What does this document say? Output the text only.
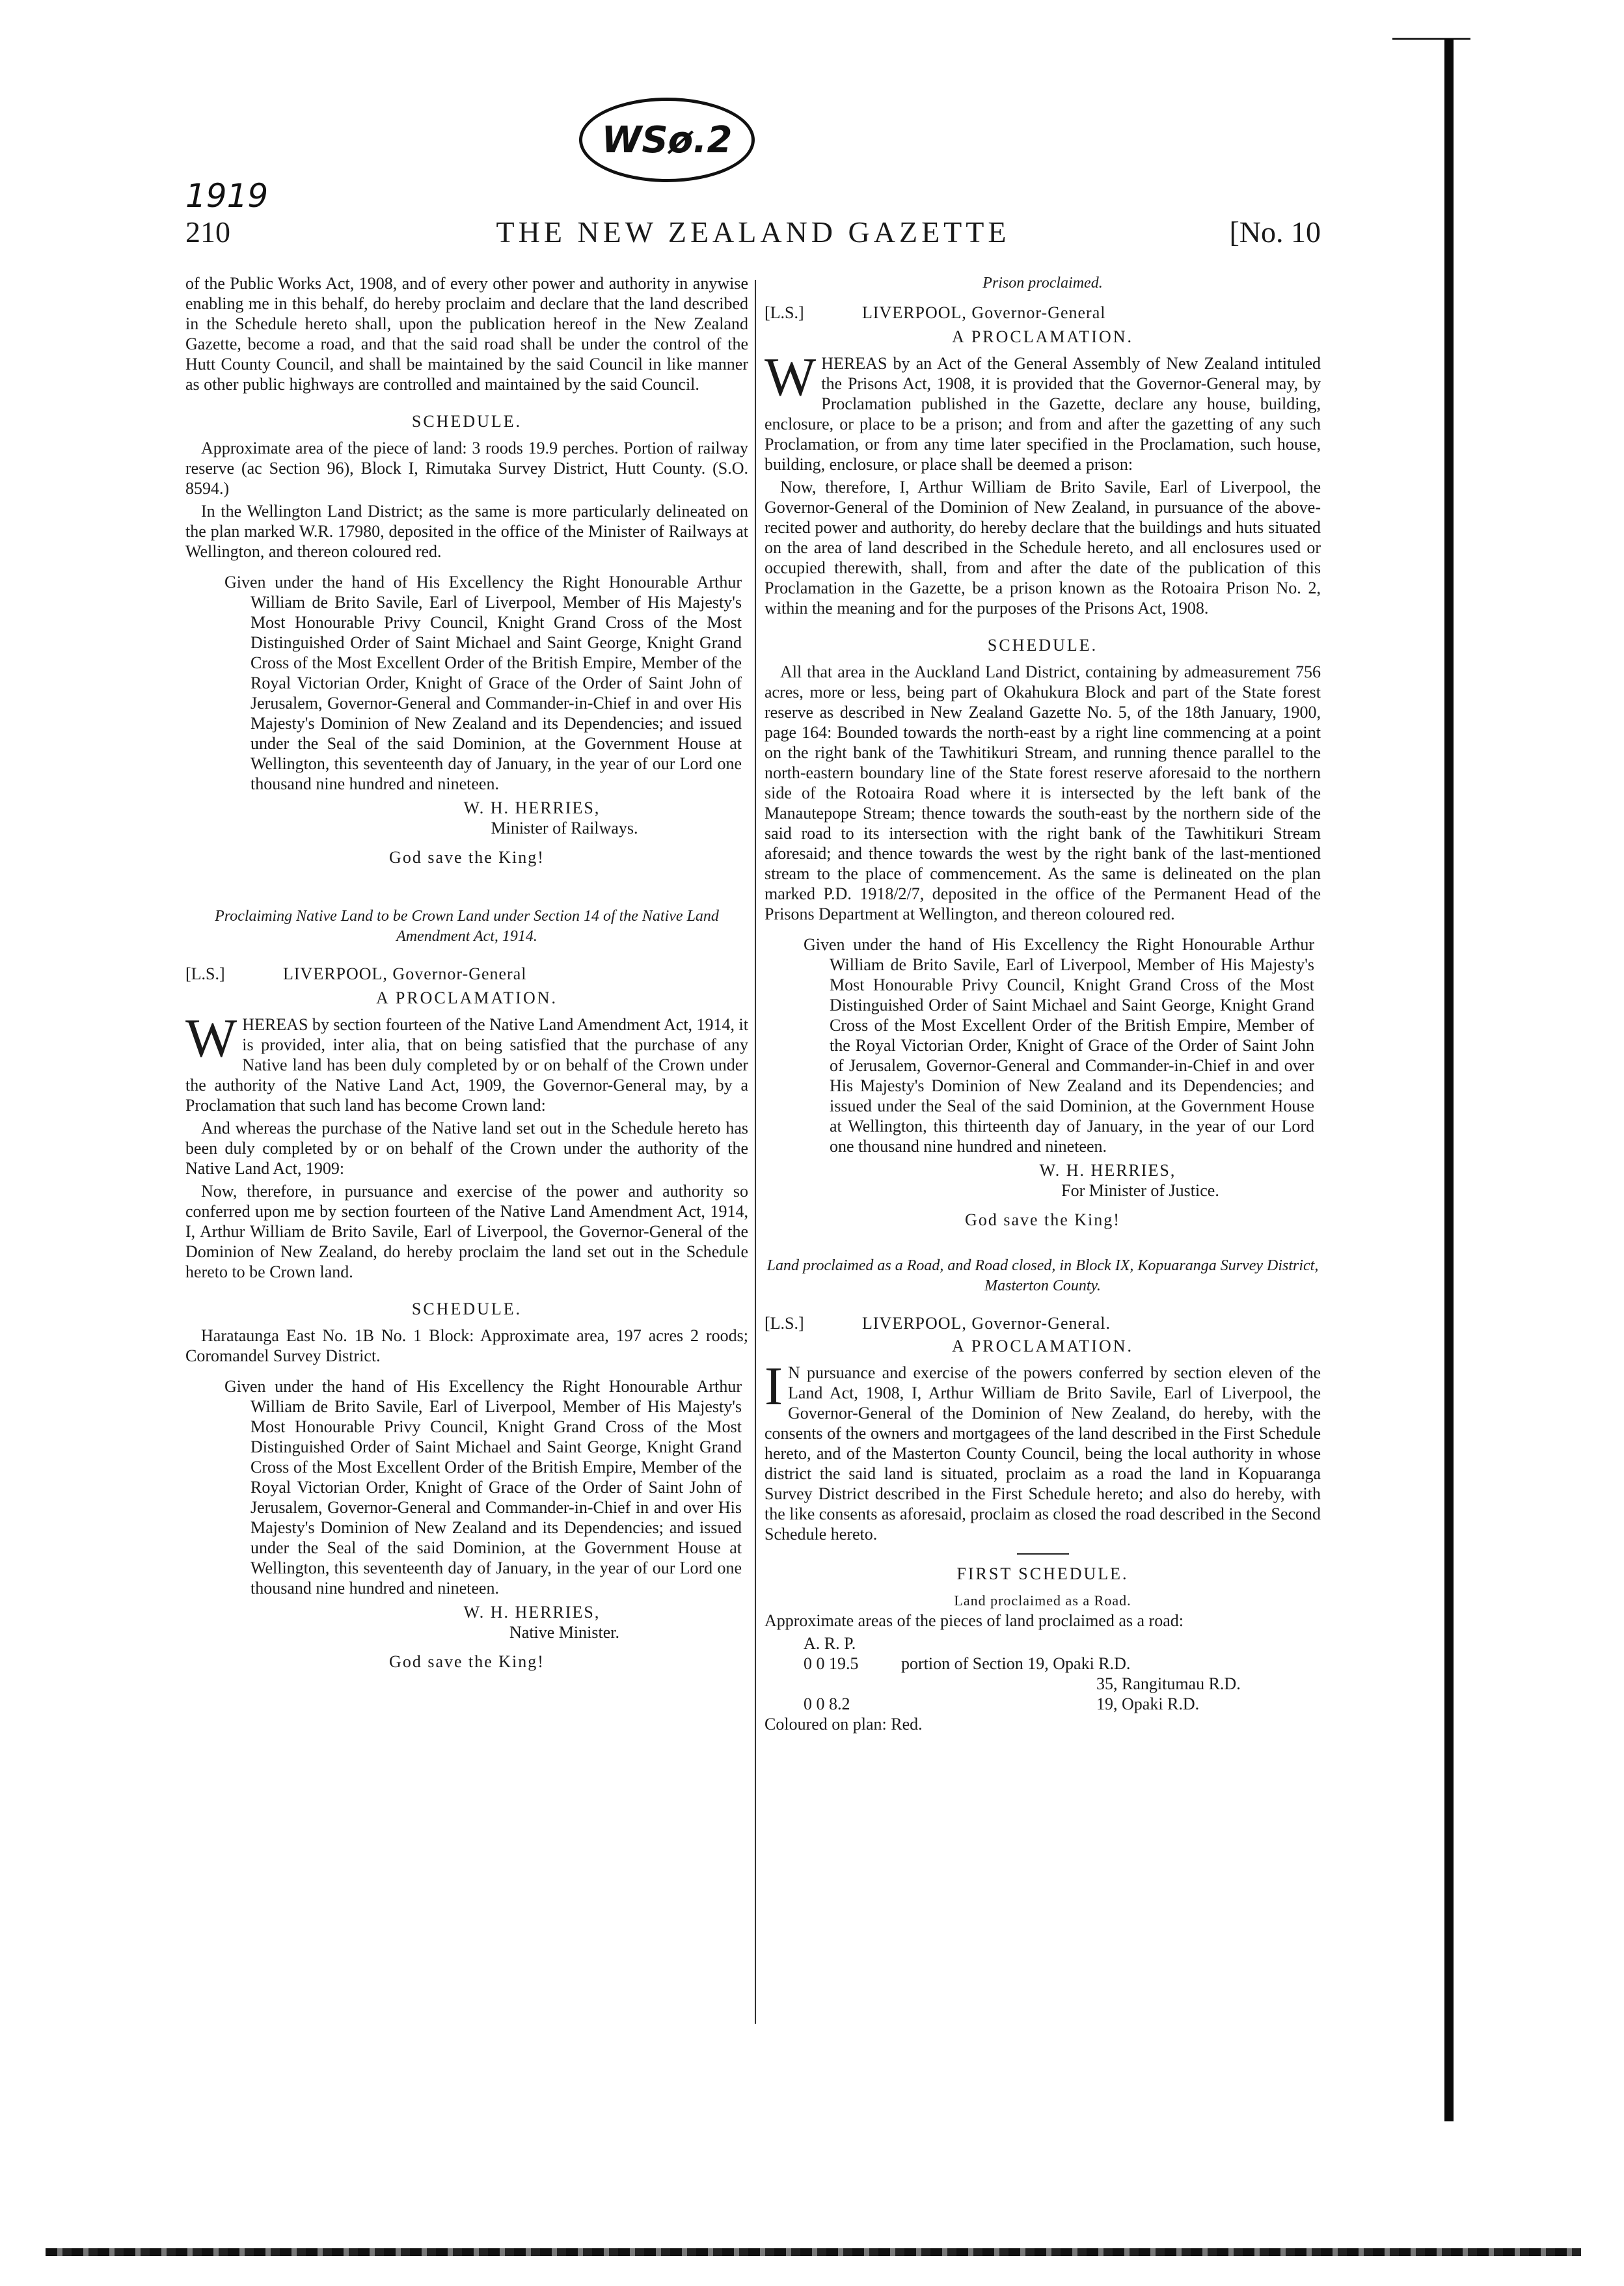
WSø.2
1919
210	THE NEW ZEALAND GAZETTE	[No. 10

of the Public Works Act, 1908, and of every other power and authority in anywise enabling me in this behalf, do hereby proclaim and declare that the land described in the Schedule hereto shall, upon the publication hereof in the New Zealand Gazette, become a road, and that the said road shall be under the control of the Hutt County Council, and shall be maintained by the said Council in like manner as other public highways are controlled and maintained by the said Council.

SCHEDULE.

Approximate area of the piece of land: 3 roods 19.9 perches. Portion of railway reserve (ac Section 96), Block I, Rimutaka Survey District, Hutt County. (S.O. 8594.)

In the Wellington Land District; as the same is more particularly delineated on the plan marked W.R. 17980, deposited in the office of the Minister of Railways at Wellington, and thereon coloured red.

Given under the hand of His Excellency the Right Honourable Arthur William de Brito Savile, Earl of Liverpool, Member of His Majesty's Most Honourable Privy Council, Knight Grand Cross of the Most Distinguished Order of Saint Michael and Saint George, Knight Grand Cross of the Most Excellent Order of the British Empire, Member of the Royal Victorian Order, Knight of Grace of the Order of Saint John of Jerusalem, Governor-General and Commander-in-Chief in and over His Majesty's Dominion of New Zealand and its Dependencies; and issued under the Seal of the said Dominion, at the Government House at Wellington, this seventeenth day of January, in the year of our Lord one thousand nine hundred and nineteen.

W. H. HERRIES,
Minister of Railways.
God save the King!
Proclaiming Native Land to be Crown Land under Section 14 of the Native Land Amendment Act, 1914.
[L.S.]	LIVERPOOL, Governor-General
A PROCLAMATION.

WHEREAS by section fourteen of the Native Land Amendment Act, 1914, it is provided, inter alia, that on being satisfied that the purchase of any Native land has been duly completed by or on behalf of the Crown under the authority of the Native Land Act, 1909, the Governor-General may, by a Proclamation that such land has become Crown land:

And whereas the purchase of the Native land set out in the Schedule hereto has been duly completed by or on behalf of the Crown under the authority of the Native Land Act, 1909:

Now, therefore, in pursuance and exercise of the power and authority so conferred upon me by section fourteen of the Native Land Amendment Act, 1914, I, Arthur William de Brito Savile, Earl of Liverpool, the Governor-General of the Dominion of New Zealand, do hereby proclaim the land set out in the Schedule hereto to be Crown land.

SCHEDULE.

Harataunga East No. 1B No. 1 Block: Approximate area, 197 acres 2 roods; Coromandel Survey District.

Given under the hand of His Excellency the Right Honourable Arthur William de Brito Savile, Earl of Liverpool, Member of His Majesty's Most Honourable Privy Council, Knight Grand Cross of the Most Distinguished Order of Saint Michael and Saint George, Knight Grand Cross of the Most Excellent Order of the British Empire, Member of the Royal Victorian Order, Knight of Grace of the Order of Saint John of Jerusalem, Governor-General and Commander-in-Chief in and over His Majesty's Dominion of New Zealand and its Dependencies; and issued under the Seal of the said Dominion, at the Government House at Wellington, this seventeenth day of January, in the year of our Lord one thousand nine hundred and nineteen.

W. H. HERRIES,
Native Minister.
God save the King!
Prison proclaimed.
[L.S.]	LIVERPOOL, Governor-General
A PROCLAMATION.

WHEREAS by an Act of the General Assembly of New Zealand intituled the Prisons Act, 1908, it is provided that the Governor-General may, by Proclamation published in the Gazette, declare any house, building, enclosure, or place to be a prison; and from and after the gazetting of any such Proclamation, or from any time later specified in the Proclamation, such house, building, enclosure, or place shall be deemed a prison:

Now, therefore, I, Arthur William de Brito Savile, Earl of Liverpool, the Governor-General of the Dominion of New Zealand, in pursuance of the above-recited power and authority, do hereby declare that the buildings and huts situated on the area of land described in the Schedule hereto, and all enclosures used or occupied therewith, shall, from and after the date of the publication of this Proclamation in the Gazette, be a prison known as the Rotoaira Prison No. 2, within the meaning and for the purposes of the Prisons Act, 1908.

SCHEDULE.

All that area in the Auckland Land District, containing by admeasurement 756 acres, more or less, being part of Okahukura Block and part of the State forest reserve as described in New Zealand Gazette No. 5, of the 18th January, 1900, page 164: Bounded towards the north-east by a right line commencing at a point on the right bank of the Tawhitikuri Stream, and running thence parallel to the north-eastern boundary line of the State forest reserve aforesaid to the northern side of the Rotoaira Road where it is intersected by the left bank of the Manautepope Stream; thence towards the south-east by the northern side of the said road to its intersection with the right bank of the Tawhitikuri Stream aforesaid; and thence towards the west by the right bank of the last-mentioned stream to the place of commencement. As the same is delineated on the plan marked P.D. 1918/2/7, deposited in the office of the Permanent Head of the Prisons Department at Wellington, and thereon coloured red.

Given under the hand of His Excellency the Right Honourable Arthur William de Brito Savile, Earl of Liverpool, Member of His Majesty's Most Honourable Privy Council, Knight Grand Cross of the Most Distinguished Order of Saint Michael and Saint George, Knight Grand Cross of the Most Excellent Order of the British Empire, Member of the Royal Victorian Order, Knight of Grace of the Order of Saint John of Jerusalem, Governor-General and Commander-in-Chief in and over His Majesty's Dominion of New Zealand and its Dependencies; and issued under the Seal of the said Dominion, at the Government House at Wellington, this thirteenth day of January, in the year of our Lord one thousand nine hundred and nineteen.

W. H. HERRIES,
For Minister of Justice.
God save the King!
Land proclaimed as a Road, and Road closed, in Block IX, Kopuaranga Survey District, Masterton County.
[L.S.]	LIVERPOOL, Governor-General.
A PROCLAMATION.

I N pursuance and exercise of the powers conferred by section eleven of the Land Act, 1908, I, Arthur William de Brito Savile, Earl of Liverpool, the Governor-General of the Dominion of New Zealand, do hereby, with the consents of the owners and mortgagees of the land described in the First Schedule hereto, and of the Masterton County Council, being the local authority in whose district the said land is situated, proclaim as a road the land in Kopuaranga Survey District described in the First Schedule hereto; and also do hereby, with the like consents as aforesaid, proclaim as closed the road described in the Second Schedule hereto.

FIRST SCHEDULE.
Land proclaimed as a Road.

Approximate areas of the pieces of land proclaimed as a road:

A. R. P.
0 0 19.5	portion of Section 19, Opaki R.D.
35, Rangitumau R.D.
0 0 8.2	19, Opaki R.D.

Coloured on plan: Red.
